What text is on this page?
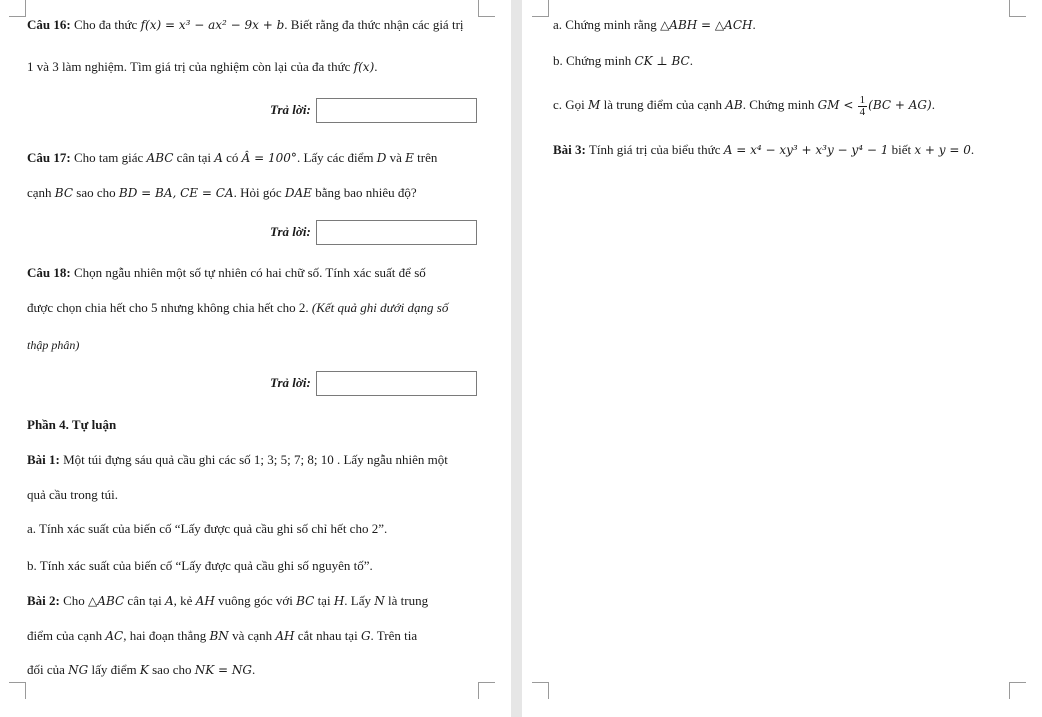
Câu 16: Cho đa thức f(x) = x³ − ax² − 9x + b. Biết rằng đa thức nhận các giá trị
1 và 3 làm nghiệm. Tìm giá trị của nghiệm còn lại của đa thức f(x).
Trả lời:
Câu 17: Cho tam giác ABC cân tại A có Â = 100°. Lấy các điểm D và E trên
cạnh BC sao cho BD = BA, CE = CA. Hỏi góc DAE bằng bao nhiêu độ?
Trả lời:
Câu 18: Chọn ngẫu nhiên một số tự nhiên có hai chữ số. Tính xác suất để số
được chọn chia hết cho 5 nhưng không chia hết cho 2. (Kết quả ghi dưới dạng số
thập phân)
Trả lời:
Phần 4. Tự luận
Bài 1: Một túi đựng sáu quả cầu ghi các số 1; 3; 5; 7; 8; 10 . Lấy ngẫu nhiên một
quả cầu trong túi.
a. Tính xác suất của biến cố “Lấy được quả cầu ghi số chỉ hết cho 2”.
b. Tính xác suất của biến cố “Lấy được quả cầu ghi số nguyên tố”.
Bài 2: Cho △ABC cân tại A, kẻ AH vuông góc với BC tại H. Lấy N là trung
điểm của cạnh AC, hai đoạn thẳng BN và cạnh AH cắt nhau tại G. Trên tia
đối của NG lấy điểm K sao cho NK = NG.
a. Chứng minh rằng △ABH = △ACH.
b. Chứng minh CK ⊥ BC.
c. Gọi M là trung điểm của cạnh AB. Chứng minh GM < $\frac{1}{4} (BC + AG)$.
Bài 3: Tính giá trị của biểu thức A = x⁴ − xy³ + x³y − y⁴ − 1 biết x + y = 0.
